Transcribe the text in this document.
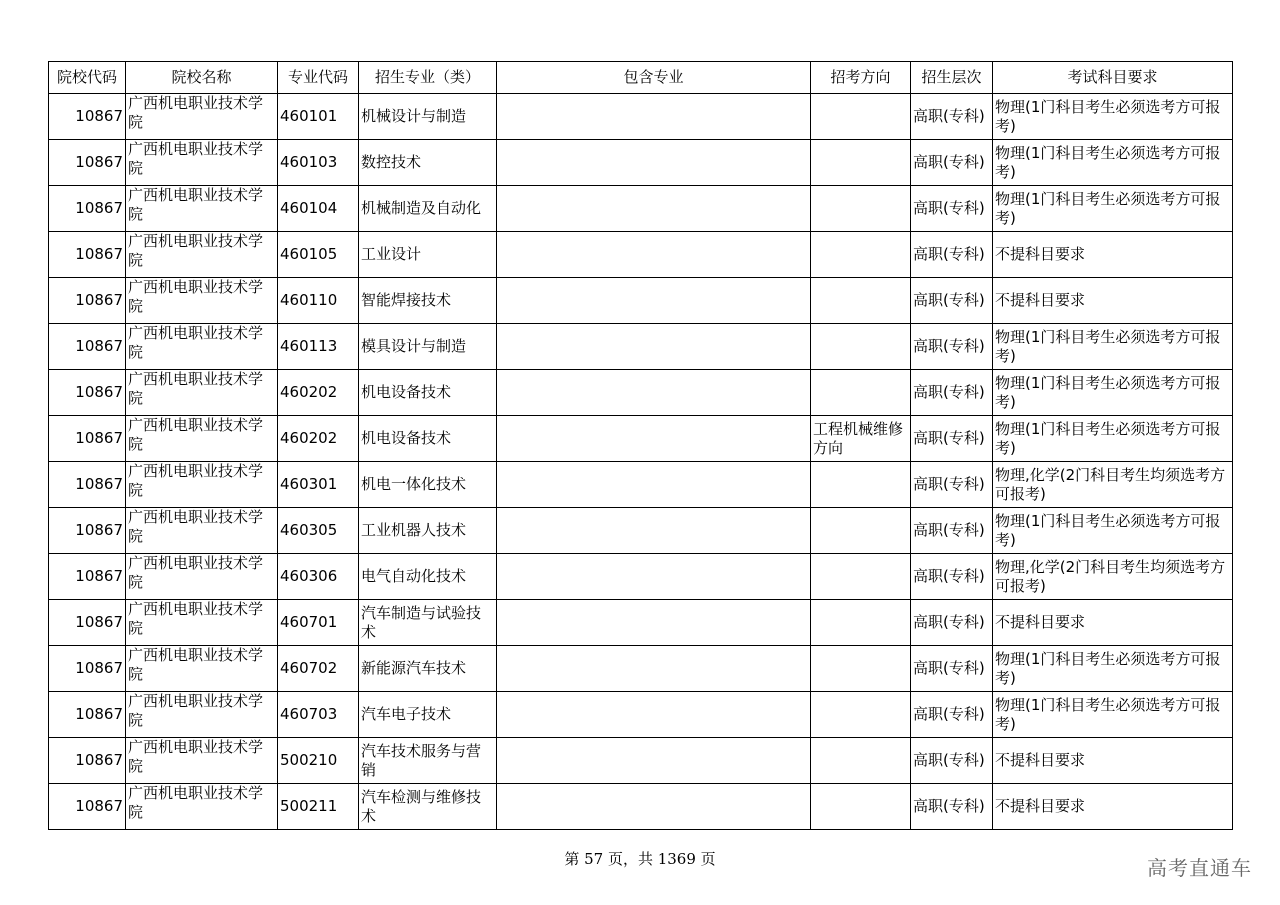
院校代码	院校名称	专业代码	招生专业（类）	包含专业	招考方向	招生层次	考试科目要求
10867	广西机电职业技术学院	460101	机械设计与制造			高职(专科)	物理(1门科目考生必须选考方可报考)
10867	广西机电职业技术学院	460103	数控技术			高职(专科)	物理(1门科目考生必须选考方可报考)
10867	广西机电职业技术学院	460104	机械制造及自动化			高职(专科)	物理(1门科目考生必须选考方可报考)
10867	广西机电职业技术学院	460105	工业设计			高职(专科)	不提科目要求
10867	广西机电职业技术学院	460110	智能焊接技术			高职(专科)	不提科目要求
10867	广西机电职业技术学院	460113	模具设计与制造			高职(专科)	物理(1门科目考生必须选考方可报考)
10867	广西机电职业技术学院	460202	机电设备技术			高职(专科)	物理(1门科目考生必须选考方可报考)
10867	广西机电职业技术学院	460202	机电设备技术		工程机械维修方向	高职(专科)	物理(1门科目考生必须选考方可报考)
10867	广西机电职业技术学院	460301	机电一体化技术			高职(专科)	物理,化学(2门科目考生均须选考方可报考)
10867	广西机电职业技术学院	460305	工业机器人技术			高职(专科)	物理(1门科目考生必须选考方可报考)
10867	广西机电职业技术学院	460306	电气自动化技术			高职(专科)	物理,化学(2门科目考生均须选考方可报考)
10867	广西机电职业技术学院	460701	汽车制造与试验技术			高职(专科)	不提科目要求
10867	广西机电职业技术学院	460702	新能源汽车技术			高职(专科)	物理(1门科目考生必须选考方可报考)
10867	广西机电职业技术学院	460703	汽车电子技术			高职(专科)	物理(1门科目考生必须选考方可报考)
10867	广西机电职业技术学院	500210	汽车技术服务与营销			高职(专科)	不提科目要求
10867	广西机电职业技术学院	500211	汽车检测与维修技术			高职(专科)	不提科目要求
第 57 页，共 1369 页	高考直通车
